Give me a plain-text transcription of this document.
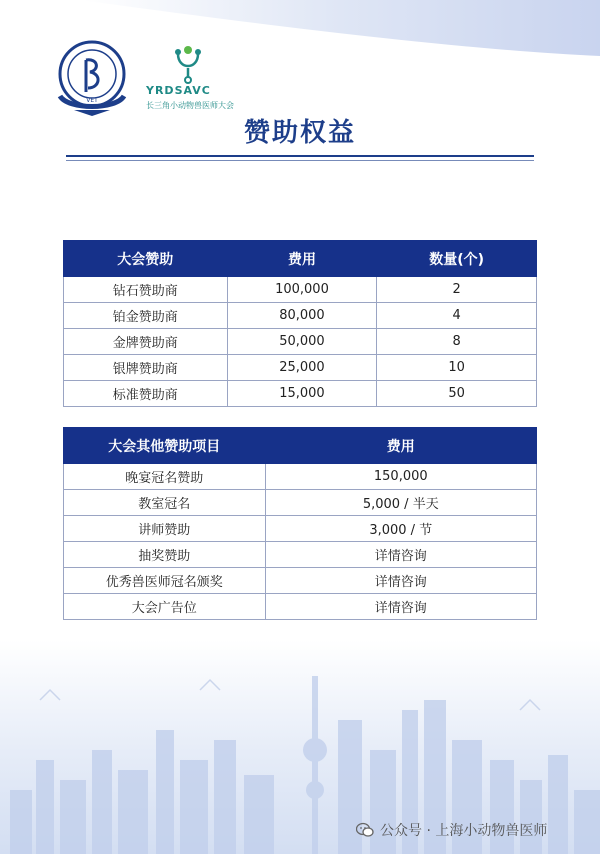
VET
YRDSAVC
长三角小动物兽医师大会
赞助权益
大会赞助	费用	数量(个)
钻石赞助商	100,000	2
铂金赞助商	80,000	4
金牌赞助商	50,000	8
银牌赞助商	25,000	10
标准赞助商	15,000	50
大会其他赞助项目	费用
晚宴冠名赞助	150,000
教室冠名	5,000 / 半天
讲师赞助	3,000 / 节
抽奖赞助	详情咨询
优秀兽医师冠名颁奖	详情咨询
大会广告位	详情咨询
公众号 · 上海小动物兽医师
